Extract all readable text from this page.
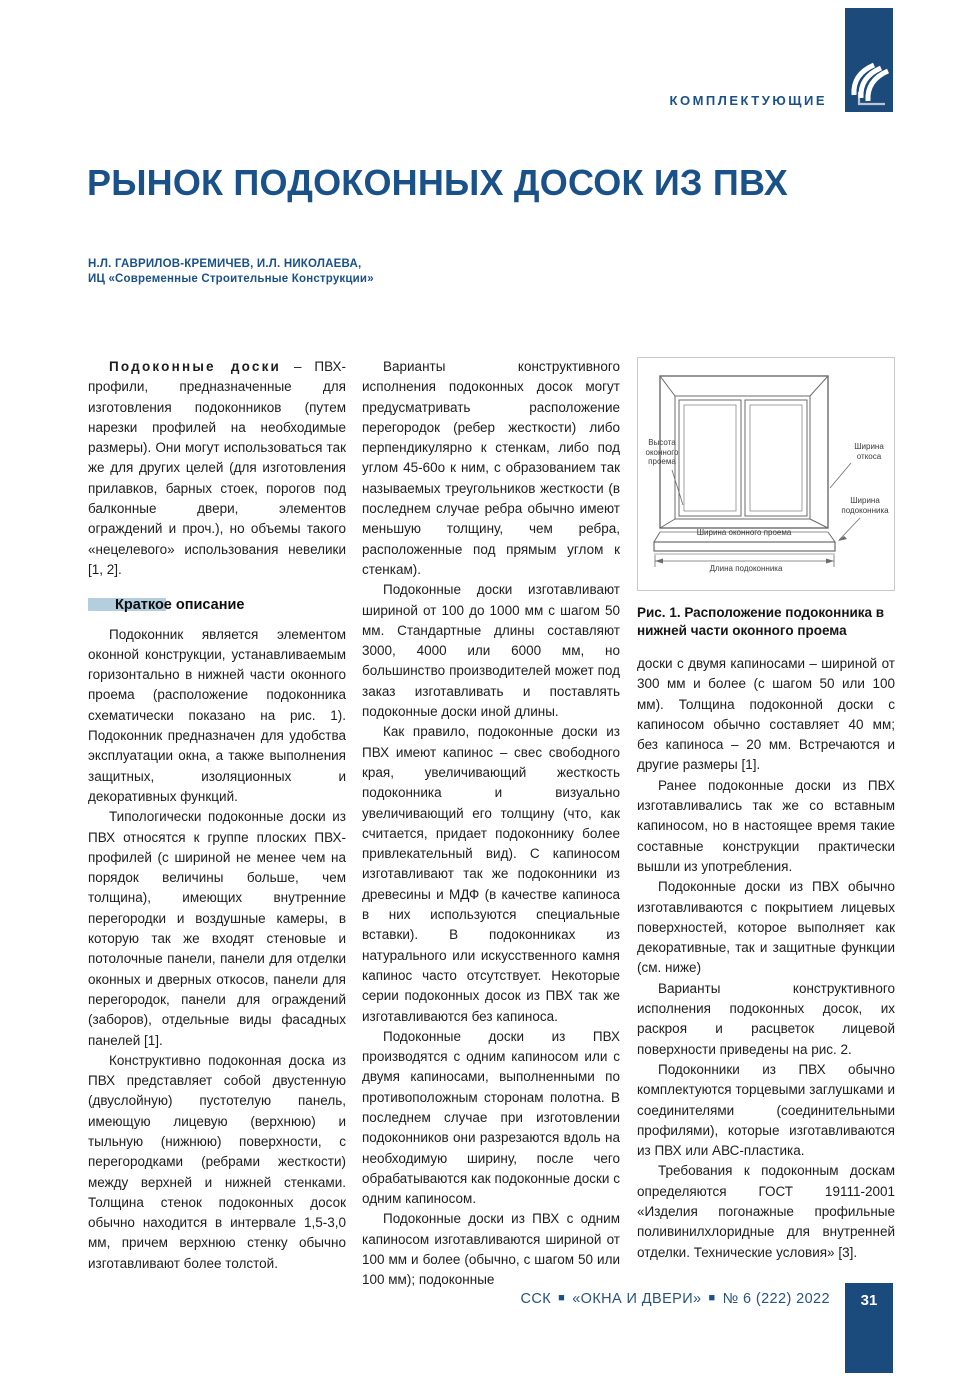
КОМПЛЕКТУЮЩИЕ
РЫНОК ПОДОКОННЫХ ДОСОК ИЗ ПВХ
Н.Л. ГАВРИЛОВ-КРЕМИЧЕВ, И.Л. НИКОЛАЕВА,
ИЦ «Современные Строительные Конструкции»

Подоконные доски – ПВХ-профили, предназначенные для изготовления подоконников (путем нарезки профилей на необходимые размеры). Они могут использоваться так же для других целей (для изготовления прилавков, барных стоек, порогов под балконные двери, элементов ограждений и проч.), но объемы такого «нецелевого» использования невелики [1, 2].

Краткое описание

Подоконник является элементом оконной конструкции, устанавливаемым горизонтально в нижней части оконного проема (расположение подоконника схематически показано на рис. 1). Подоконник предназначен для удобства эксплуатации окна, а также выполнения защитных, изоляционных и декоративных функций.

Типологически подоконные доски из ПВХ относятся к группе плоских ПВХ-профилей (с шириной не менее чем на порядок величины больше, чем толщина), имеющих внутренние перегородки и воздушные камеры, в которую так же входят стеновые и потолочные панели, панели для отделки оконных и дверных откосов, панели для перегородок, панели для ограждений (заборов), отдельные виды фасадных панелей [1].

Конструктивно подоконная доска из ПВХ представляет собой двустенную (двуслойную) пустотелую панель, имеющую лицевую (верхнюю) и тыльную (нижнюю) поверхности, с перегородками (ребрами жесткости) между верхней и нижней стенками. Толщина стенок подоконных досок обычно находится в интервале 1,5-3,0 мм, причем верхнюю стенку обычно изготавливают более толстой.

Варианты конструктивного исполнения подоконных досок могут предусматривать расположение перегородок (ребер жесткости) либо перпендикулярно к стенкам, либо под углом 45-60о к ним, с образованием так называемых треугольников жесткости (в последнем случае ребра обычно имеют меньшую толщину, чем ребра, расположенные под прямым углом к стенкам).

Подоконные доски изготавливают шириной от 100 до 1000 мм с шагом 50 мм. Стандартные длины составляют 3000, 4000 или 6000 мм, но большинство производителей может под заказ изготавливать и поставлять подоконные доски иной длины.

Как правило, подоконные доски из ПВХ имеют капинос – свес свободного края, увеличивающий жесткость подоконника и визуально увеличивающий его толщину (что, как считается, придает подоконнику более привлекательный вид). С капиносом изготавливают так же подоконники из древесины и МДФ (в качестве капиноса в них используются специальные вставки). В подоконниках из натурального или искусственного камня капинос часто отсутствует. Некоторые серии подоконных досок из ПВХ так же изготавливаются без капиноса.

Подоконные доски из ПВХ производятся с одним капиносом или с двумя капиносами, выполненными по противоположным сторонам полотна. В последнем случае при изготовлении подоконников они разрезаются вдоль на необходимую ширину, после чего обрабатываются как подоконные доски с одним капиносом.

Подоконные доски из ПВХ с одним капиносом изготавливаются шириной от 100 мм и более (обычно, с шагом 50 или 100 мм); подоконные

Высота оконного проема
Ширина откоса
Ширина подоконника
Ширина оконного проема
Длина подоконника
Рис. 1. Расположение подоконника в нижней части оконного проема

доски с двумя капиносами – шириной от 300 мм и более (с шагом 50 или 100 мм). Толщина подоконной доски с капиносом обычно составляет 40 мм; без капиноса – 20 мм. Встречаются и другие размеры [1].

Ранее подоконные доски из ПВХ изготавливались так же со вставным капиносом, но в настоящее время такие составные конструкции практически вышли из употребления.

Подоконные доски из ПВХ обычно изготавливаются с покрытием лицевых поверхностей, которое выполняет как декоративные, так и защитные функции (см. ниже)

Варианты конструктивного исполнения подоконных досок, их раскроя и расцветок лицевой поверхности приведены на рис. 2.

Подоконники из ПВХ обычно комплектуются торцевыми заглушками и соединителями (соединительными профилями), которые изготавливаются из ПВХ или АВС-пластика.

Требования к подоконным доскам определяются ГОСТ 19111-2001 «Изделия погонажные профильные поливинилхлоридные для внутренней отделки. Технические условия» [3].

ССК ■ «ОКНА И ДВЕРИ» ■ № 6 (222) 2022	31
